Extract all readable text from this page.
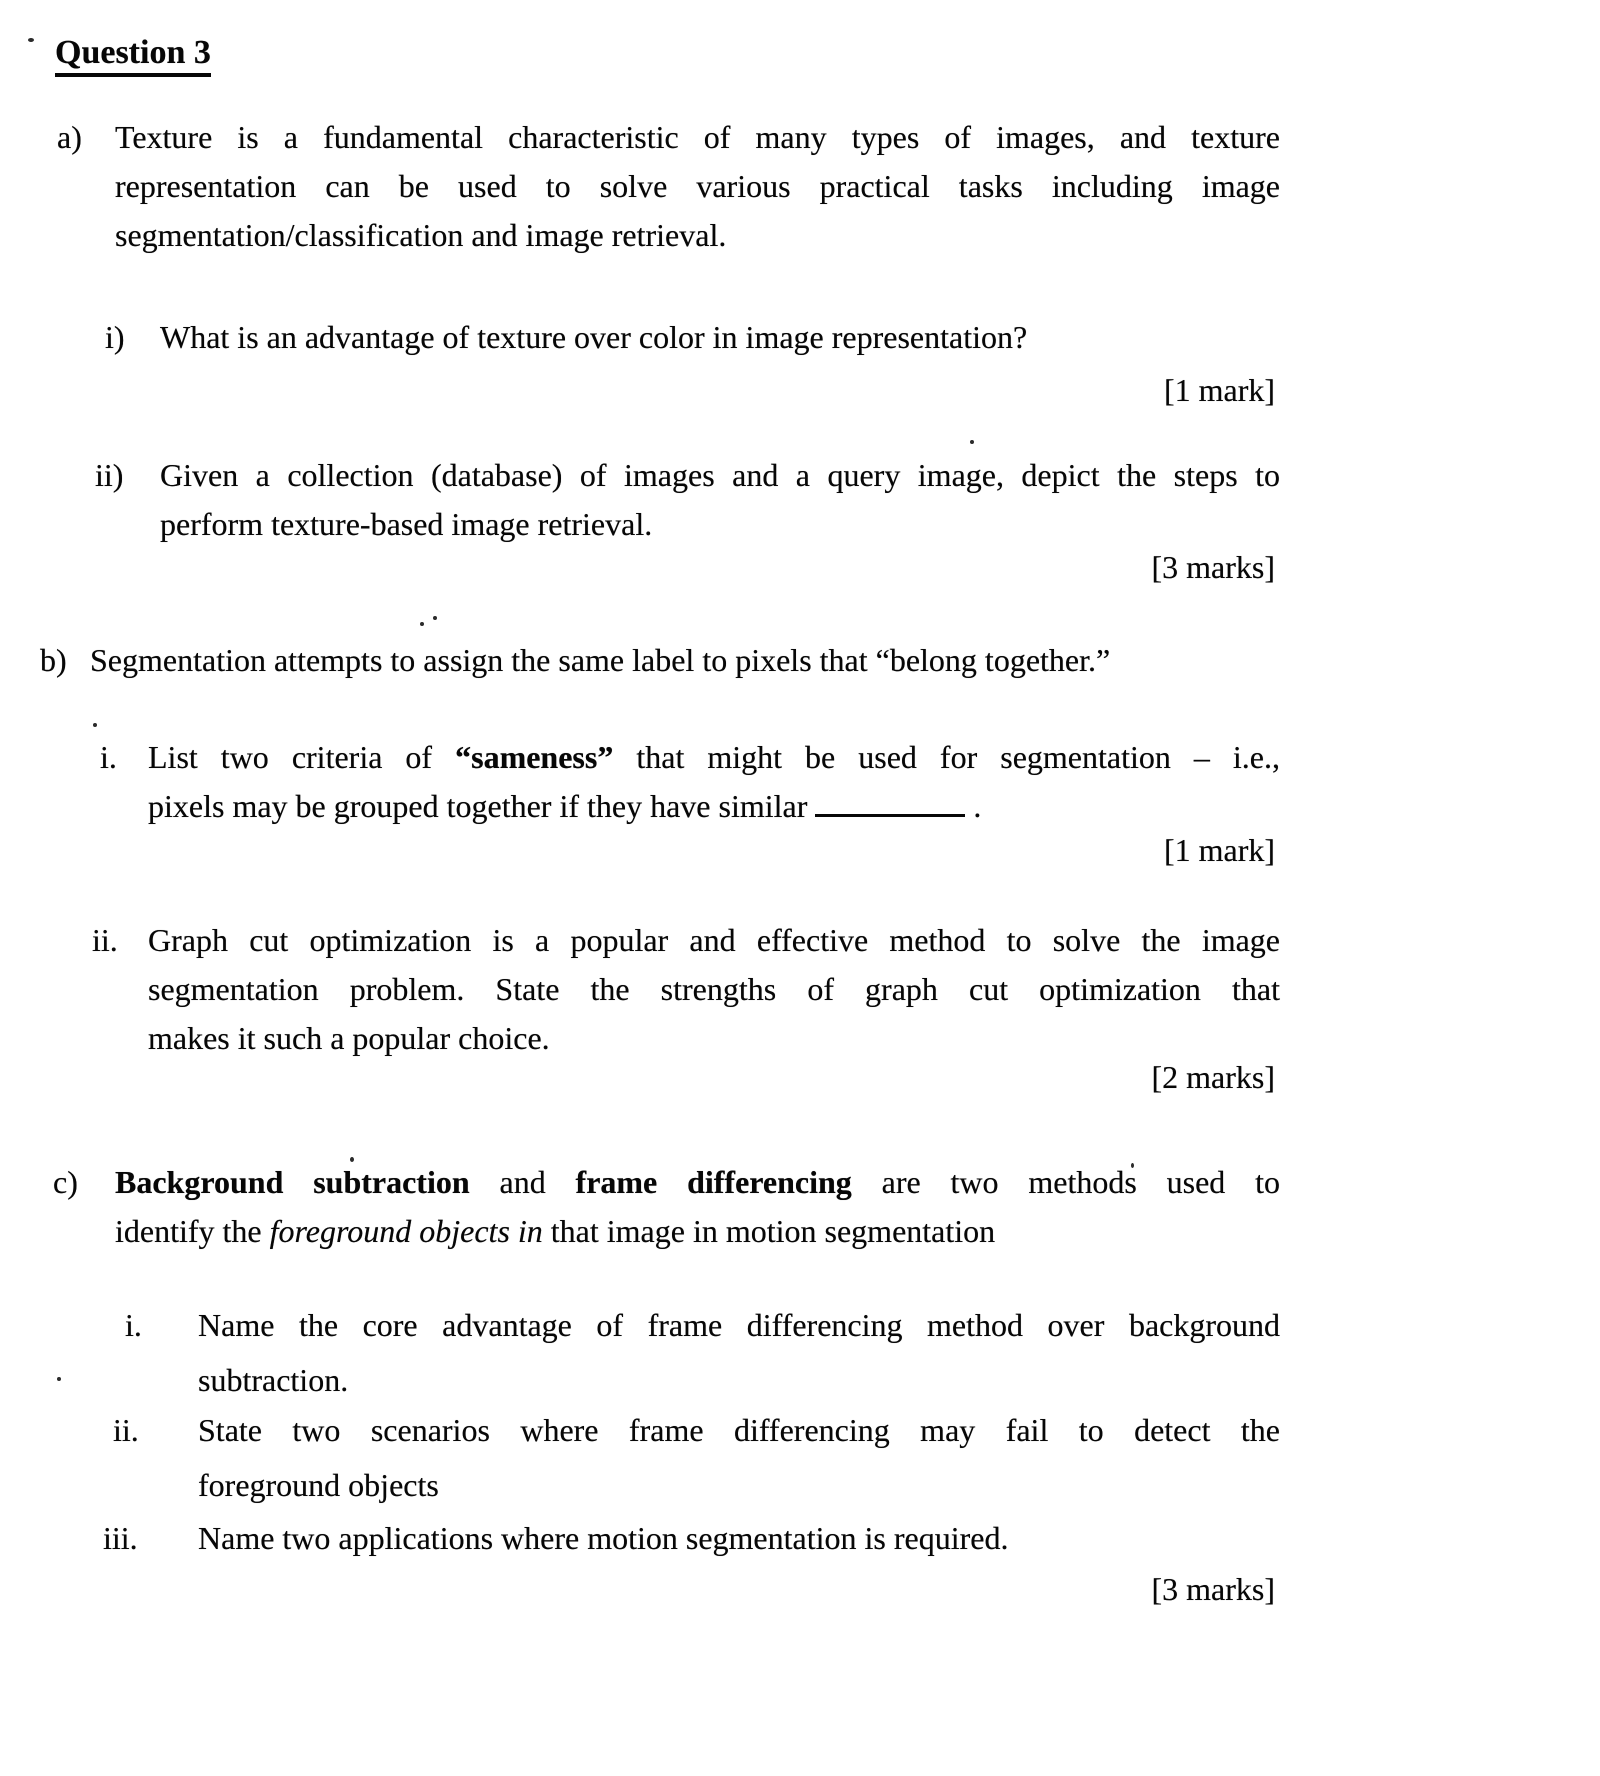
Question 3
a) Texture is a fundamental characteristic of many types of images, and texture
representation can be used to solve various practical tasks including image
segmentation/classification and image retrieval.
i) What is an advantage of texture over color in image representation?
[1 mark]
ii) Given a collection (database) of images and a query image, depict the steps to
perform texture-based image retrieval.
[3 marks]
b) Segmentation attempts to assign the same label to pixels that “belong together.”
i. List two criteria of “sameness” that might be used for segmentation – i.e.,
pixels may be grouped together if they have similar	.
[1 mark]
ii. Graph cut optimization is a popular and effective method to solve the image
segmentation problem. State the strengths of graph cut optimization that
makes it such a popular choice.
[2 marks]
c) Background subtraction and frame differencing are two methods used to
identify the foreground objects in that image in motion segmentation
i. Name the core advantage of frame differencing method over background
subtraction.
ii. State two scenarios where frame differencing may fail to detect the
foreground objects
iii. Name two applications where motion segmentation is required.
[3 marks]
